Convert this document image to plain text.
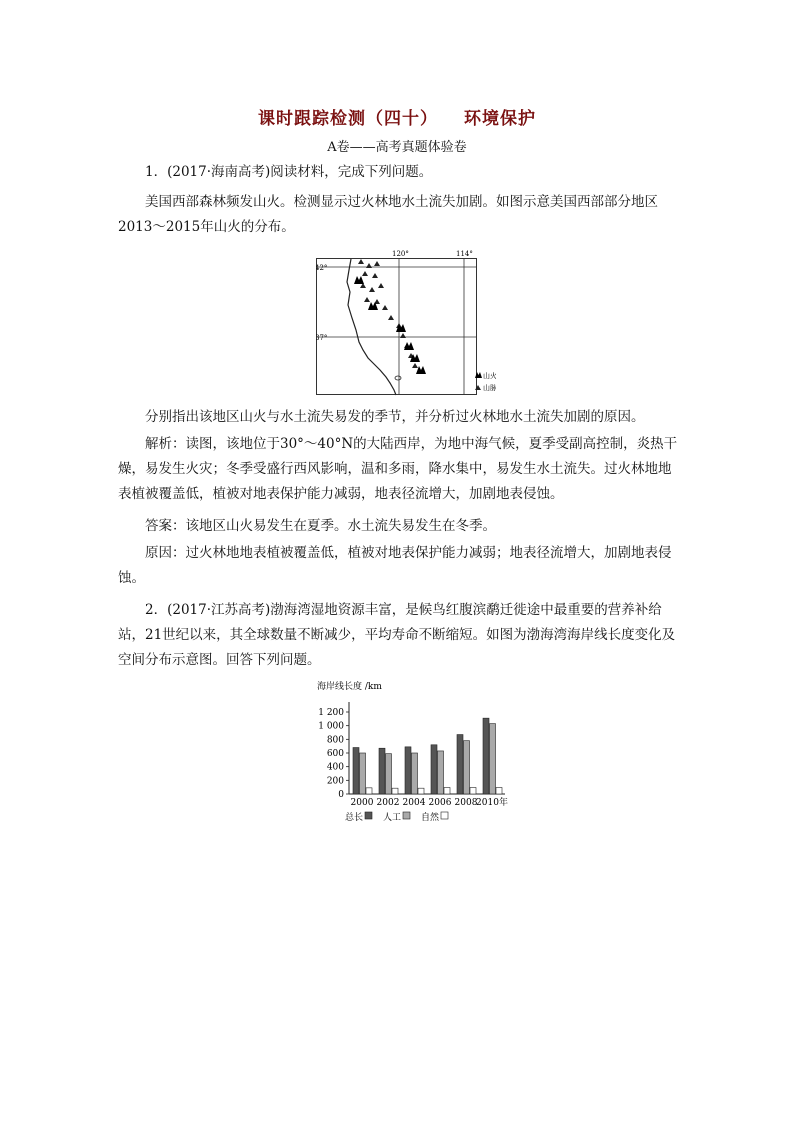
课时跟踪检测（四十） 环境保护
A卷——高考真题体验卷
1．(2017·海南高考)阅读材料，完成下列问题。
美国西部森林频发山火。检测显示过火林地水土流失加剧。如图示意美国西部部分地区2013～2015年山火的分布。
120°	114°
42°
37°
山火
山脉
分别指出该地区山火与水土流失易发的季节，并分析过火林地水土流失加剧的原因。
解析：读图，该地位于30°～40°N的大陆西岸，为地中海气候，夏季受副高控制，炎热干燥，易发生火灾；冬季受盛行西风影响，温和多雨，降水集中，易发生水土流失。过火林地地表植被覆盖低，植被对地表保护能力减弱，地表径流增大，加剧地表侵蚀。
答案：该地区山火易发生在夏季。水土流失易发生在冬季。
原因：过火林地地表植被覆盖低，植被对地表保护能力减弱；地表径流增大，加剧地表侵蚀。
2．(2017·江苏高考)渤海湾湿地资源丰富，是候鸟红腹滨鹬迁徙途中最重要的营养补给站，21世纪以来，其全球数量不断减少，平均寿命不断缩短。如图为渤海湾海岸线长度变化及空间分布示意图。回答下列问题。
海岸线长度 /km
0
200
400
600
800
1 000
1 200
2000 2002 2004 2006 2008
2010年
总长 人工 自然
